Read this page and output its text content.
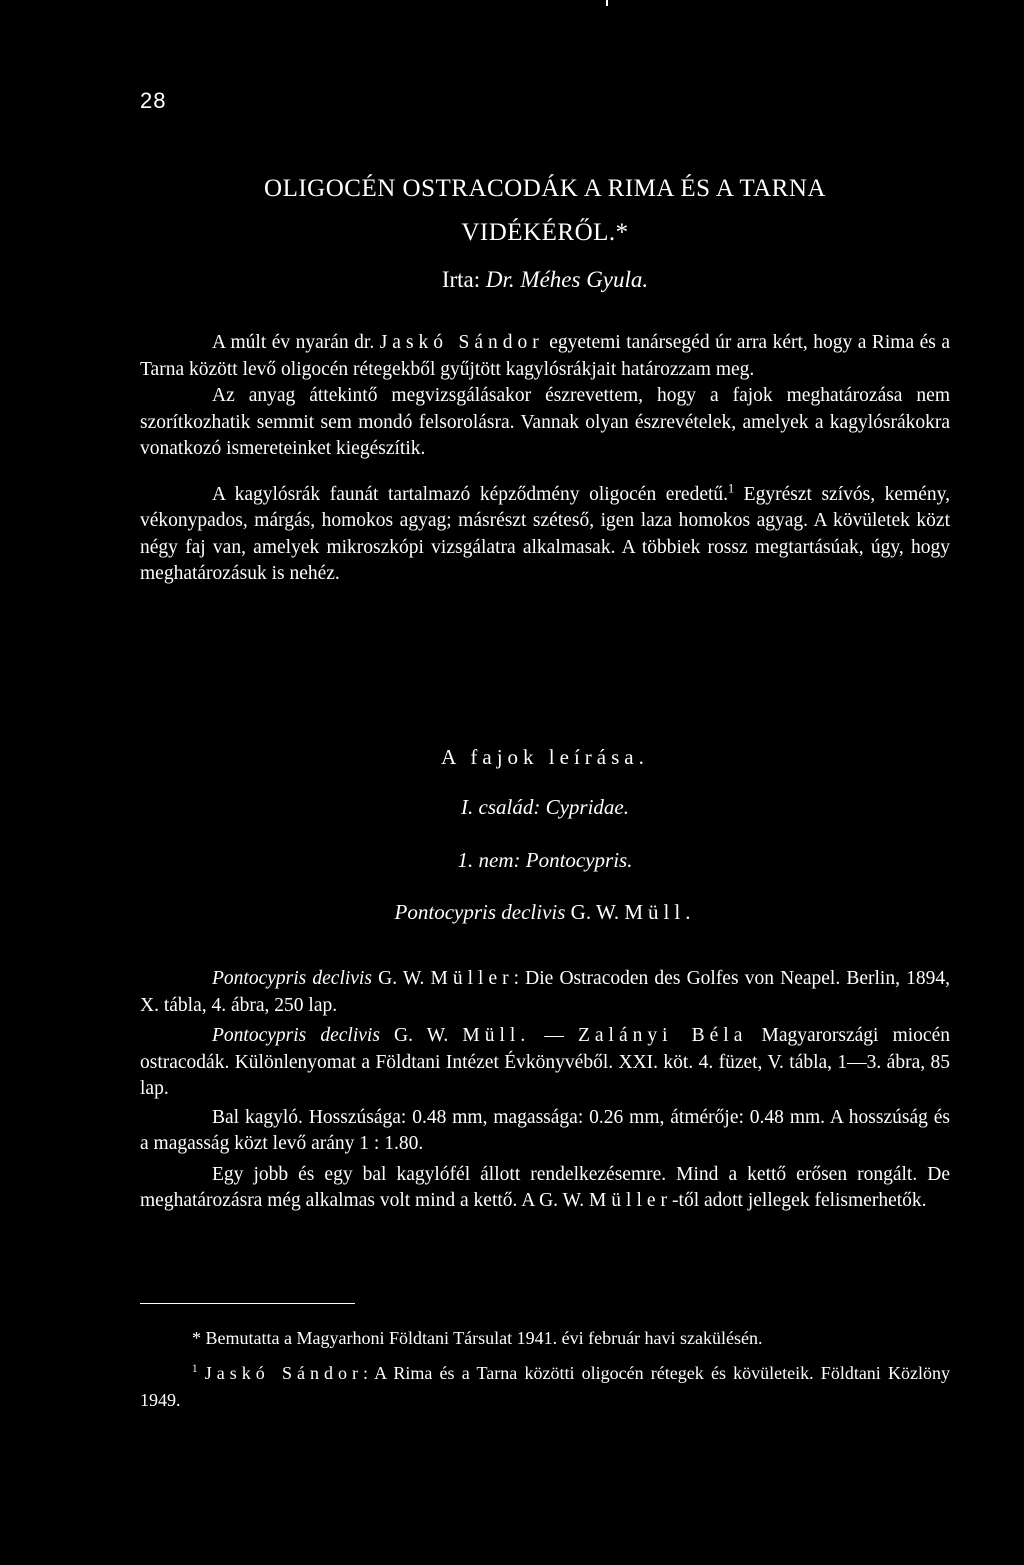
28
OLIGOCÉN OSTRACODÁK A RIMA ÉS A TARNA
VIDÉKÉRŐL.*
Irta: Dr. Méhes Gyula.

A múlt év nyarán dr. Jaskó Sándor egyetemi tanársegéd úr arra kért, hogy a Rima és a Tarna között levő oligocén rétegekből gyűjtött kagylósrákjait határozzam meg.

Az anyag áttekintő megvizsgálásakor észrevettem, hogy a fajok meghatározása nem szorítkozhatik semmit sem mondó felsorolásra. Vannak olyan észrevételek, amelyek a kagylósrákokra vonatkozó ismereteinket kiegészítik.

A kagylósrák faunát tartalmazó képződmény oligocén eredetű.$^1$ Egyrészt szívós, kemény, vékonypados, márgás, homokos agyag; másrészt széteső, igen laza homokos agyag. A kövületek közt négy faj van, amelyek mikroszkópi vizsgálatra alkalmasak. A többiek rossz megtartásúak, úgy, hogy meghatározásuk is nehéz.

A fajok leírása.
I. család: Cypridae.
1. nem: Pontocypris.
Pontocypris declivis G. W. Müll.

Pontocypris declivis G. W. Müller: Die Ostracoden des Golfes von Neapel. Berlin, 1894, X. tábla, 4. ábra, 250 lap.

Pontocypris declivis G. W. Müll. — Zalányi Béla Magyarországi miocén ostracodák. Különlenyomat a Földtani Intézet Évkönyvéből. XXI. köt. 4. füzet, V. tábla, 1—3. ábra, 85 lap.

Bal kagyló. Hosszúsága: 0.48 mm, magassága: 0.26 mm, átmérője: 0.48 mm. A hosszúság és a magasság közt levő arány 1 : 1.80.

Egy jobb és egy bal kagylófél állott rendelkezésemre. Mind a kettő erősen rongált. De meghatározásra még alkalmas volt mind a kettő. A G. W. Müller-től adott jellegek felismerhetők.

* Bemutatta a Magyarhoni Földtani Társulat 1941. évi február havi szakülésén.

$^1$ Jaskó Sándor: A Rima és a Tarna közötti oligocén rétegek és kövületeik. Földtani Közlöny 1949.
